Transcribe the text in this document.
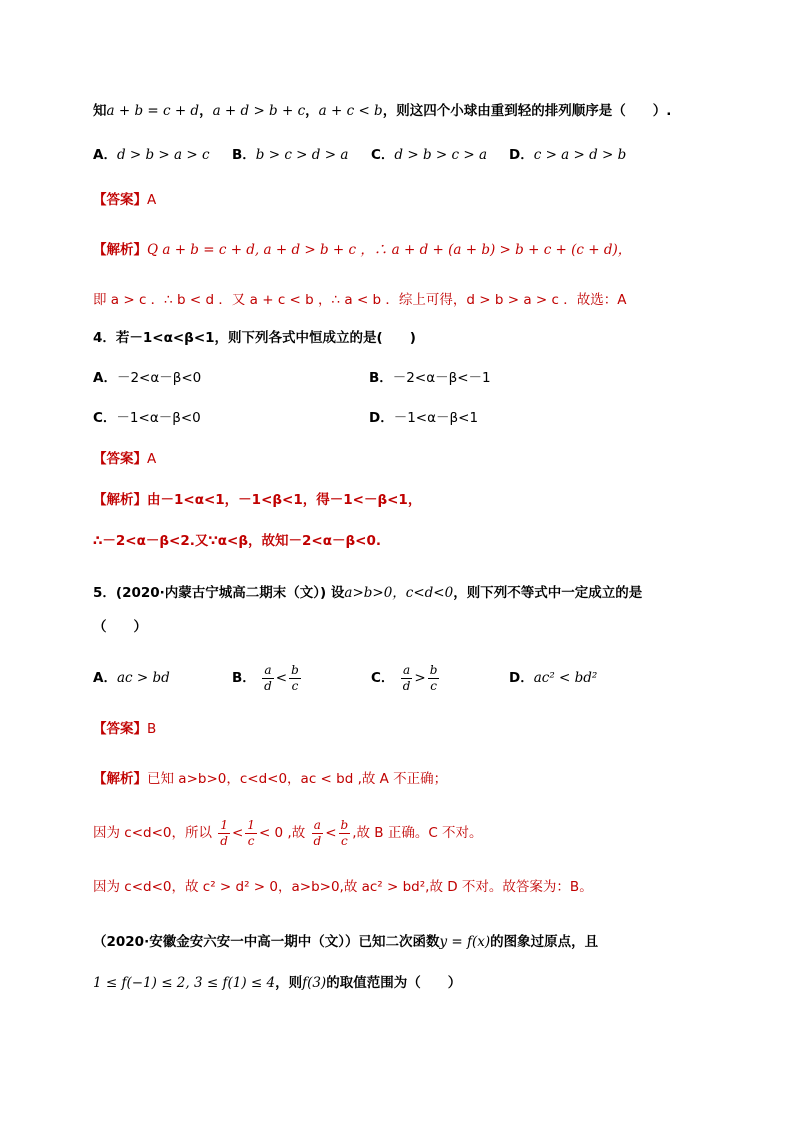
知a + b = c + d，a + d > b + c，a + c < b，则这四个小球由重到轻的排列顺序是（　　）.
A．d > b > a > c B．b > c > d > a C．d > b > c > a D．c > a > d > b
【答案】A
【解析】Q a + b = c + d, a + d > b + c ，∴ a + d + (a + b) > b + c + (c + d)，
即 a > c ．∴ b < d ．又 a + c < b ，∴ a < b ．综上可得，d > b > a > c ．故选：A
4．若－1<α<β<1，则下列各式中恒成立的是(　　)
A．－2<α－β<0	B．－2<α－β<－1
C．－1<α－β<0	D．－1<α－β<1
【答案】A
【解析】由－1<α<1，－1<β<1，得－1<－β<1，
∴－2<α－β<2.又∵α<β，故知－2<α－β<0.
5．(2020·内蒙古宁城高二期末（文）) 设a>b>0，c<d<0，则下列不等式中一定成立的是
（　　）
A．ac > bd	B． $\frac{a}{d} < \frac{b}{c}$	C． $\frac{a}{d} > \frac{b}{c}$	D．ac² < bd²
【答案】B
【解析】已知 a>b>0，c<d<0，ac < bd ,故 A 不正确；
因为 c<d<0，所以 $\frac{1}{d} < \frac{1}{c} < 0$ ,故 $\frac{a}{d} < \frac{b}{c}$ ,故 B 正确。C 不对。
因为 c<d<0，故 c² > d² > 0，a>b>0,故 ac² > bd²,故 D 不对。故答案为：B。
（2020·安徽金安六安一中高一期中（文））已知二次函数y = f(x)的图象过原点，且
1 ≤ f(−1) ≤ 2, 3 ≤ f(1) ≤ 4，则f(3)的取值范围为（　　）
